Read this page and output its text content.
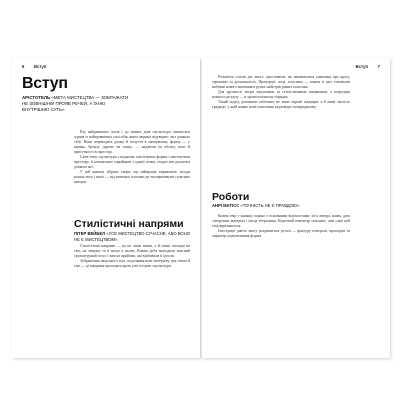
6 Вступ
Вступ
АРІСТОТЕЛЬ «МЕТА МИСТЕЦТВА — ЗОБРАЖАТИ НЕ ЗОВНІШНІЙ ПРОЯВ РЕЧЕЙ, А ЇХНЮ ВНУТРІШНЮ СУТЬ».

Від найдавніших часів і до наших днів скульптура лишається одним із найтривкіших способів, яким людина відтворює світ довкола себе. Вона переводить думку й почуття в матеріальну форму — у камінь, бронзу, дерево чи глину, — надаючи їм обсягу, ваги й присутності в просторі.

Саме тому скульптура є водночас мистецтвом форми і мистецтвом простору: її неможливо сприйняти з однієї точки, глядач має рухатися довкола неї.

У цій книжці зібрано твори, що найкраще виражають засади різних епох і шкіл — від античної класики до експериментів сучасних авторів.

Стилістичні напрями
ПІТЕР ВЕЙБЕЛ «УСЕ МИСТЕЦТВО СУЧАСНЕ, АБО ВОНО НЕ Є МИСТЕЦТВОМ».

Стилістичні напрями — це не лише назви, а й певні погляди на світ, на людину та її місце в ньому. Кожна доба знаходила власний скульптурний голос і власні прийоми, які відбивали її ідеали.

Зображення людського тіла, подолання ваги матеріалу, гра світла й тіні — ці завдання проходять крізь усю історію скульптури.

Вступ 7

Розмаїття стилів дає змогу простежити, як змінювалися уявлення про красу, гармонію та досконалість. Пропорції, поза, пластика — кожен із цих елементів набував нового значення в руках майстрів різних поколінь.

Для зручності твори згруповано за стилістичними напрямами, а всередині кожного розділу — в хронологічному порядку.

Такий підхід допомагає побачити не лише окремі шедеври, а й живу тяглість традиції, у якій кожне нове покоління відповідає попередньому.

Роботи
АНРІ МАТІСС «ТОЧНІСТЬ НЕ Є ПРАВДОЮ».

Кожен твір у книжці подано з основними відомостями: ім’я автора, назва, дата створення, матеріал і місце зберігання. Короткий коментар пояснює, чим саме цей твір вирізняється.

Ілюстрації дають змогу роздивитися деталі — фактуру поверхні, пропорції та характер моделювання форми.
